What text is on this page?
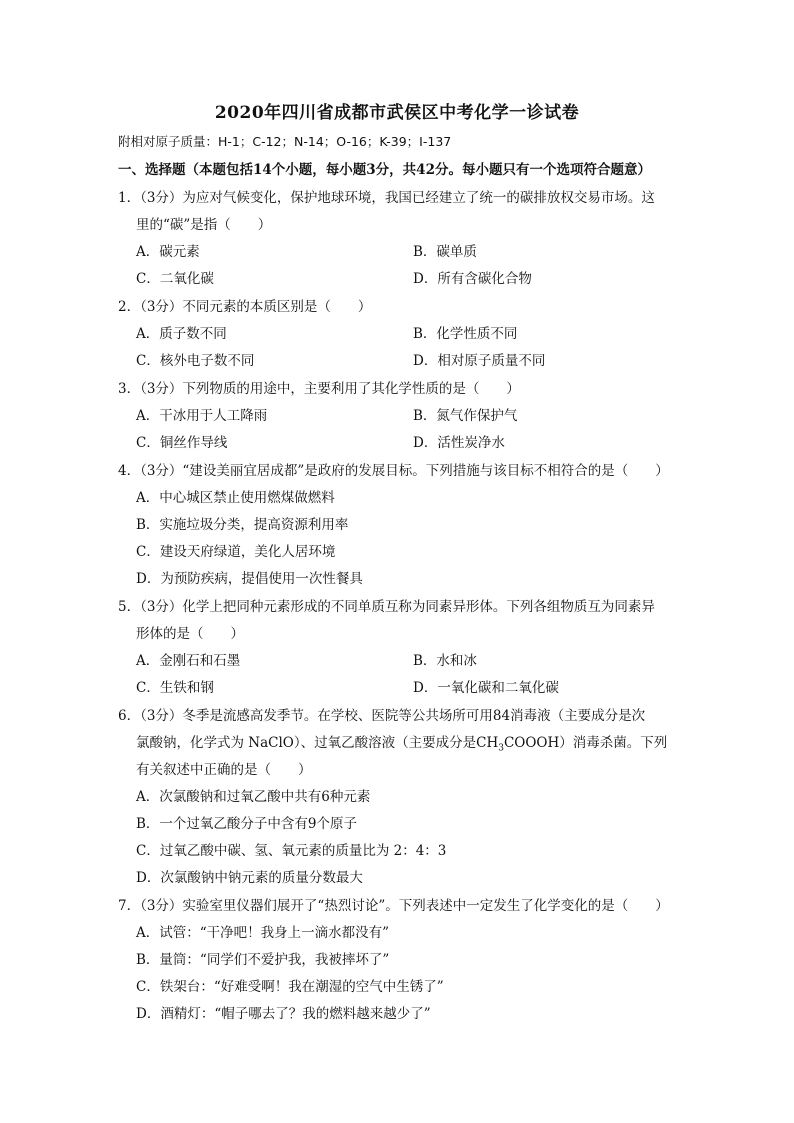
2020年四川省成都市武侯区中考化学一诊试卷
附相对原子质量：H-1；C-12；N-14；O-16；K-39；I-137
一、选择题（本题包括14个小题，每小题3分，共42分。每小题只有一个选项符合题意）
1．（3分）为应对气候变化，保护地球环境，我国已经建立了统一的碳排放权交易市场。这
里的“碳”是指（　　）
A．碳元素	B．碳单质
C．二氧化碳	D．所有含碳化合物
2．（3分）不同元素的本质区别是（　　）
A．质子数不同	B．化学性质不同
C．核外电子数不同	D．相对原子质量不同
3．（3分）下列物质的用途中，主要利用了其化学性质的是（　　）
A．干冰用于人工降雨	B．氮气作保护气
C．铜丝作导线	D．活性炭净水
4．（3分）“建设美丽宜居成都”是政府的发展目标。下列措施与该目标不相符合的是（　　）
A．中心城区禁止使用燃煤做燃料
B．实施垃圾分类，提高资源利用率
C．建设天府绿道，美化人居环境
D．为预防疾病，提倡使用一次性餐具
5．（3分）化学上把同种元素形成的不同单质互称为同素异形体。下列各组物质互为同素异
形体的是（　　）
A．金刚石和石墨	B．水和冰
C．生铁和钢	D．一氧化碳和二氧化碳
6．（3分）冬季是流感高发季节。在学校、医院等公共场所可用84消毒液（主要成分是次
氯酸钠，化学式为 NaClO）、过氧乙酸溶液（主要成分是$CH_3COOOH$）消毒杀菌。下列
有关叙述中正确的是（　　）
A．次氯酸钠和过氧乙酸中共有6种元素
B．一个过氧乙酸分子中含有9个原子
C．过氧乙酸中碳、氢、氧元素的质量比为 2：4：3
D．次氯酸钠中钠元素的质量分数最大
7．（3分）实验室里仪器们展开了“热烈讨论”。下列表述中一定发生了化学变化的是（　　）
A．试管：“干净吧！我身上一滴水都没有”
B．量筒：“同学们不爱护我，我被摔坏了”
C．铁架台：“好难受啊！我在潮湿的空气中生锈了”
D．酒精灯：“帽子哪去了？我的燃料越来越少了”
